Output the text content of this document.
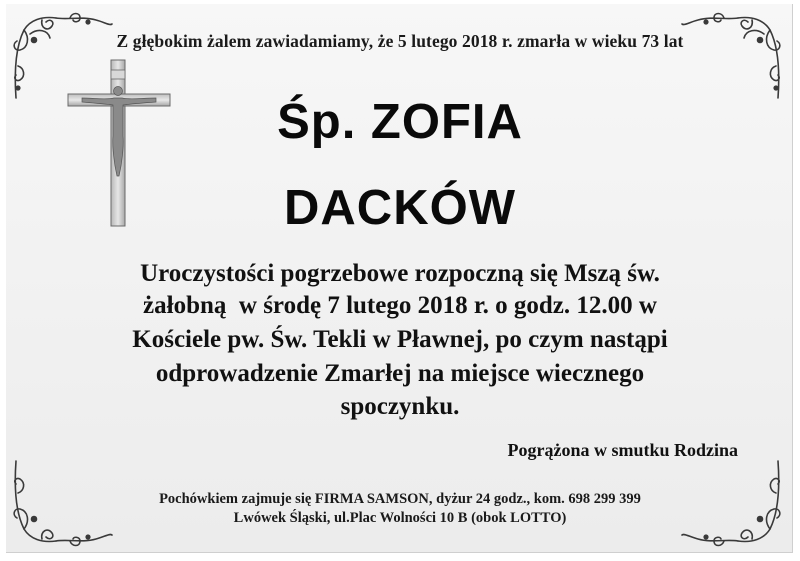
Z głębokim żalem zawiadamiamy, że 5 lutego 2018 r. zmarła w wieku 73 lat
Śp. ZOFIA
DACKÓW
Uroczystości pogrzebowe rozpoczną się Mszą św.
żałobną  w środę 7 lutego 2018 r. o godz. 12.00 w
Kościele pw. Św. Tekli w Pławnej, po czym nastąpi
odprowadzenie Zmarłej na miejsce wiecznego
spoczynku.
Pogrążona w smutku Rodzina
Pochówkiem zajmuje się FIRMA SAMSON, dyżur 24 godz., kom. 698 299 399
Lwówek Śląski, ul.Plac Wolności 10 B (obok LOTTO)
